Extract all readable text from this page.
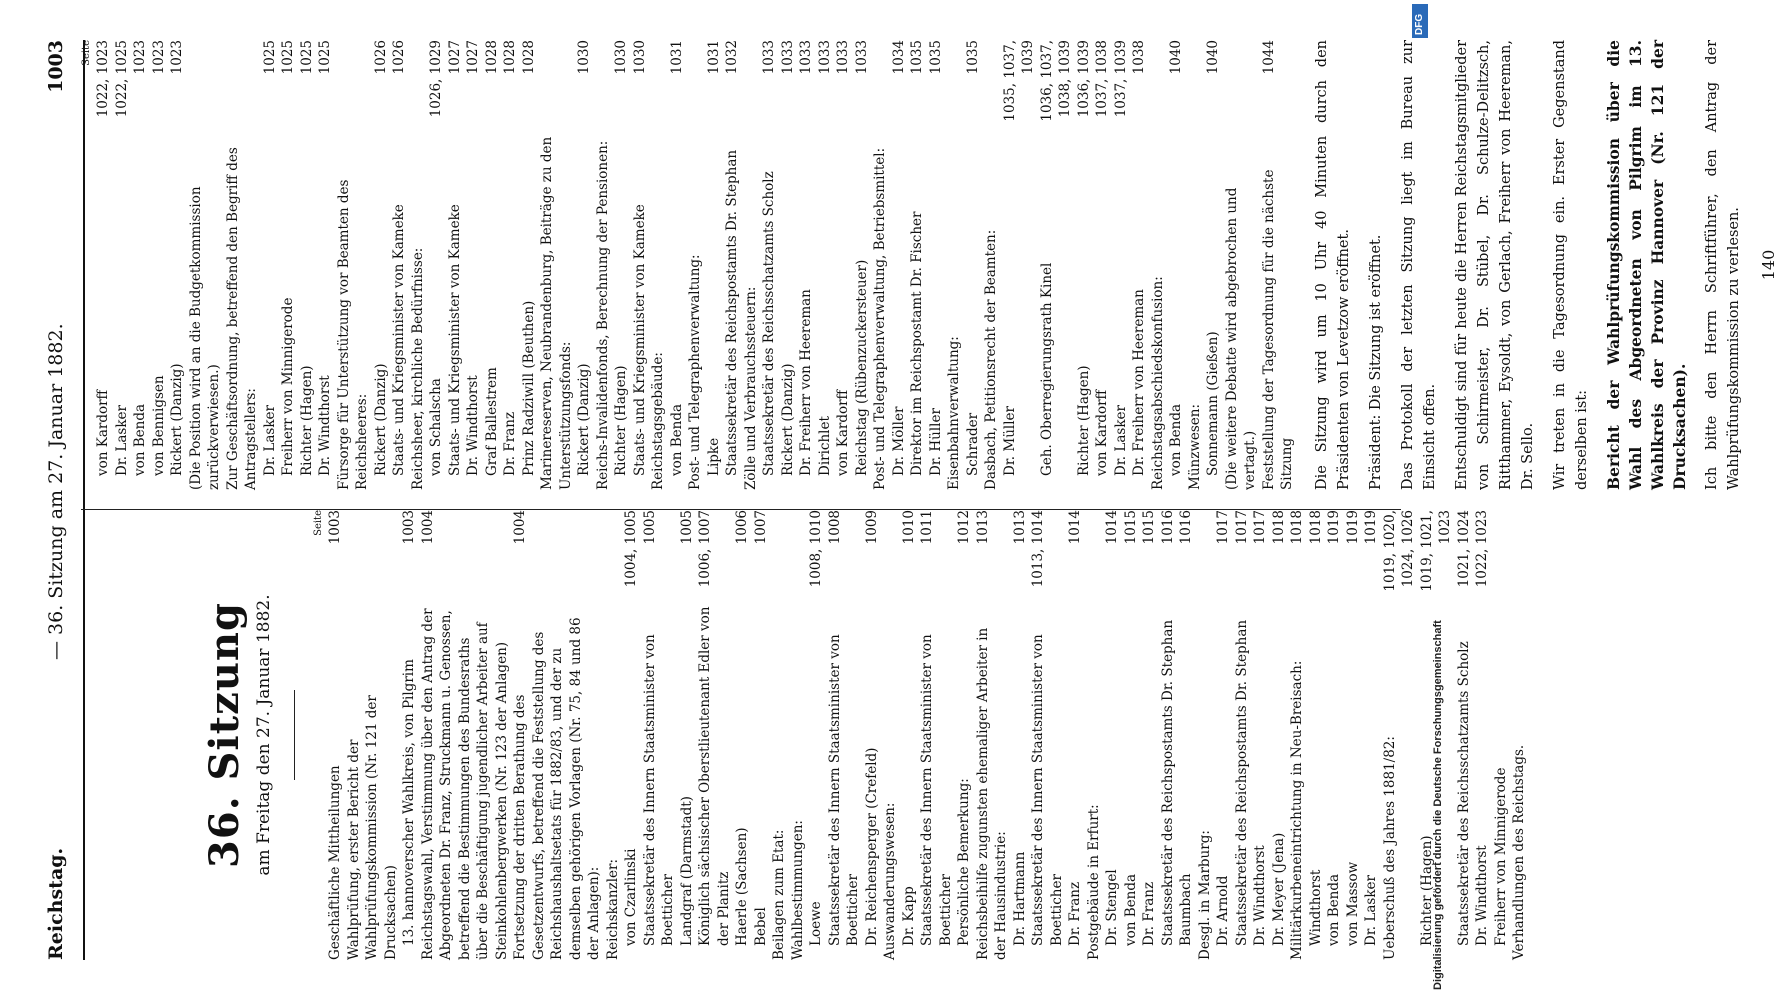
Reichstag.
— 36. Sitzung am 27. Januar 1882.
1003
36. Sitzung am Freitag den 27. Januar 1882.
Seite
Geschäftliche Mittheilungen
1003
Wahlprüfung, erster Bericht der Wahlprüfungskommission (Nr. 121 der Drucksachen) 13. hannoverscher Wahlkreis, von Pilgrim
1003
Reichstagswahl, Verstimmung über den Antrag der Abgeordneten Dr. Franz, Struckmann u. Genossen, betreffend die Bestimmungen des Bundesraths über die Beschäftigung jugendlicher Arbeiter auf Steinkohlenbergwerken (Nr. 123 der Anlagen)
1004
Fortsetzung der dritten Berathung des Gesetzentwurfs, betreffend die Feststellung des Reichshaushaltsetats für 1882/83, und der zu demselben gehörigen Vorlagen (Nr. 75, 84 und 86 der Anlagen):
1004
Reichskanzler: von Czarlinski
1004, 1005
Staatssekretär des Innern Staatsminister von Boetticher
1005
Landgraf (Darmstadt)
1005
Königlich sächsischer Oberstlieutenant Edler von der Planitz
1006, 1007
Haerle (Sachsen)
1006
Bebel
1007
Beilagen zum Etat: Wahlbestimmungen: Loewe
1008, 1010
Staatssekretär des Innern Staatsminister von Boetticher
1008
Dr. Reichensperger (Crefeld)
1009
Auswanderungswesen: Dr. Kapp
1010
Staatssekretär des Innern Staatsminister von Boetticher
1011
Persönliche Bemerkung:
1012
Reichsbeihilfe zugunsten ehemaliger Arbeiter in der Hausindustrie:
1013
Dr. Hartmann
1013
Staatssekretär des Innern Staatsminister von Boetticher
1013, 1014
Dr. Franz
1014
Postgebäude in Erfurt: Dr. Stengel
1014
von Benda
1015
Dr. Franz
1015
Staatssekretär des Reichspostamts Dr. Stephan
1016
Baumbach
1016
Desgl. in Marburg: Dr. Arnold
1017
Staatssekretär des Reichspostamts Dr. Stephan
1017
Dr. Windthorst
1017
Dr. Meyer (Jena)
1018
Militärkurbeneintrichtung in Neu-Breisach:
1018
Windthorst
1018
von Benda
1019
von Massow
1019
Dr. Lasker
1019
Ueberschuß des Jahres 1881/82:
1019, 1020, 1024, 1026
Richter (Hagen)
1019, 1021, 1023
Staatssekretär des Reichsschatzamts Scholz
1021, 1024
Dr. Windthorst
1022, 1023
Freiherr von Minnigerode Verhandlungen des Reichstags.
Seite
von Kardorff
1022, 1023
Dr. Lasker
1022, 1025
von Benda
1023
von Bennigsen
1023
Rickert (Danzig)
1023
(Die Position wird an die Budgetkommission zurückverwiesen.) Zur Geschäftsordnung, betreffend den Begriff des Antragstellers: Dr. Lasker
1025
Freiherr von Minnigerode
1025
Richter (Hagen)
1025
Dr. Windthorst
1025
Fürsorge für Unterstützung vor Beamten des Reichsheeres: Rickert (Danzig)
1026
Staats- und Kriegsminister von Kameke
1026
Reichsheer, kirchliche Bedürfnisse: von Schalscha
1026, 1029
Staats- und Kriegsminister von Kameke
1027
Dr. Windthorst
1027
Graf Ballestrem
1028
Dr. Franz
1028
Prinz Radziwill (Beuthen)
1028
Marinereserven, Neubrandenburg, Beiträge zu den Unterstützungsfonds: Rickert (Danzig)
1030
Reichs-Invalidenfonds, Berechnung der Pensionen: Richter (Hagen)
1030
Staats- und Kriegsminister von Kameke
1030
Reichstagsgebäude: von Benda
1031
Post- und Telegraphenverwaltung: Lipke
1031
Staatssekretär des Reichspostamts Dr. Stephan
1032
Zölle und Verbrauchssteuern: Staatssekretär des Reichsschatzamts Scholz
1033
Rickert (Danzig)
1033
Dr. Freiherr von Heereman
1033
Dirichlet
1033
von Kardorff
1033
Reichstag (Rübenzuckersteuer)
1033
Post- und Telegraphenverwaltung, Betriebsmittel: Dr. Möller
1034
Direktor im Reichspostamt Dr. Fischer
1035
Dr. Hüller
1035
Eisenbahnverwaltung: Schrader
1035
Dasbach, Petitionsrecht der Beamten: Dr. Müller
1035, 1037, 1039
Geh. Oberregierungsrath Kinel
1036, 1037, 1038, 1039
Richter (Hagen)
1036, 1039
von Kardorff
1037, 1038
Dr. Lasker
1037, 1039
Dr. Freiherr von Heereman
1038
Reichstagsabschiedskonfusion: von Benda
1040
Münzwesen: Sonnemann (Gießen)
1040
(Die weitere Debatte wird abgebrochen und vertagt.) Feststellung der Tagesordnung für die nächste Sitzung
1044	Die Sitzung wird um 10 Uhr 40 Minuten durch den Präsidenten von Levetzow eröffnet. Präsident: Die Sitzung ist eröffnet. Das Protokoll der letzten Sitzung liegt im Bureau zur Einsicht offen. Entschuldigt sind für heute die Herren Reichstagsmitglieder von Schirmeister, Dr. Stübel, Dr. Schulze-Delitzsch, Ritthammer, Eysoldt, von Gerlach, Freiherr von Heereman, Dr. Sello. Wir treten in die Tagesordnung ein. Erster Gegenstand derselben ist: Bericht der Wahlprüfungskommission über die Wahl des Abgeordneten von Pilgrim im 13. Wahlkreis der Provinz Hannover (Nr. 121 der Drucksachen). Ich bitte den Herrn Schriftführer, den Antrag der Wahlprüfungskommission zu verlesen. 140
Digitalisierung gefördert durch die Deutsche Forschungsgemeinschaft
DFG
